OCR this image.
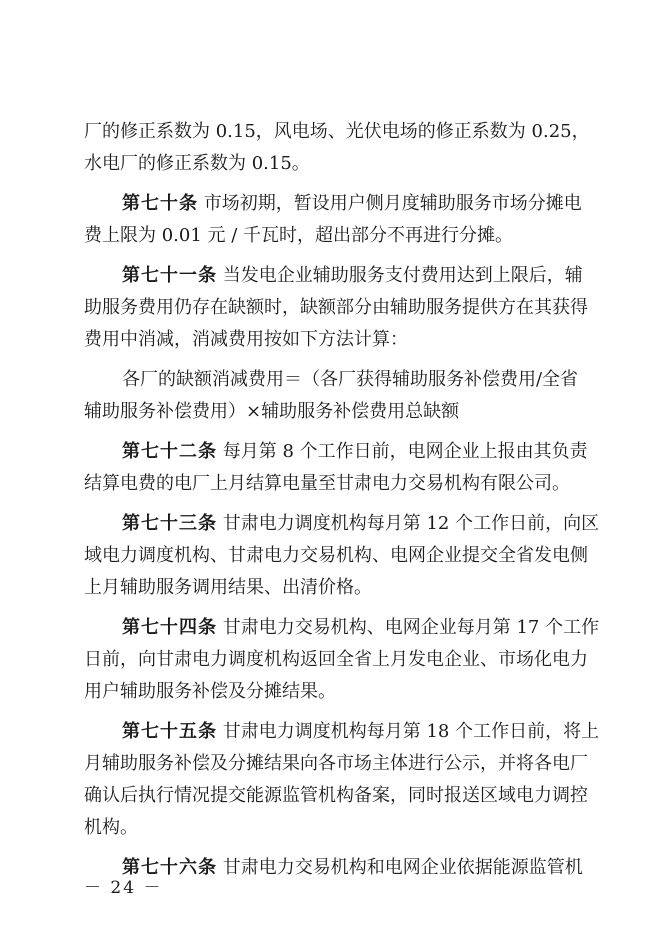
厂的修正系数为 0.15，风电场、光伏电场的修正系数为 0.25，
水电厂的修正系数为 0.15。
第七十条 市场初期，暂设用户侧月度辅助服务市场分摊电
费上限为 0.01 元 / 千瓦时，超出部分不再进行分摊。
第七十一条 当发电企业辅助服务支付费用达到上限后，辅
助服务费用仍存在缺额时，缺额部分由辅助服务提供方在其获得
费用中消减，消减费用按如下方法计算：
各厂的缺额消减费用＝（各厂获得辅助服务补偿费用/全省
辅助服务补偿费用）×辅助服务补偿费用总缺额
第七十二条 每月第 8 个工作日前，电网企业上报由其负责
结算电费的电厂上月结算电量至甘肃电力交易机构有限公司。
第七十三条 甘肃电力调度机构每月第 12 个工作日前，向区
域电力调度机构、甘肃电力交易机构、电网企业提交全省发电侧
上月辅助服务调用结果、出清价格。
第七十四条 甘肃电力交易机构、电网企业每月第 17 个工作
日前，向甘肃电力调度机构返回全省上月发电企业、市场化电力
用户辅助服务补偿及分摊结果。
第七十五条 甘肃电力调度机构每月第 18 个工作日前，将上
月辅助服务补偿及分摊结果向各市场主体进行公示，并将各电厂
确认后执行情况提交能源监管机构备案，同时报送区域电力调控
机构。
第七十六条 甘肃电力交易机构和电网企业依据能源监管机
－ 24 －
